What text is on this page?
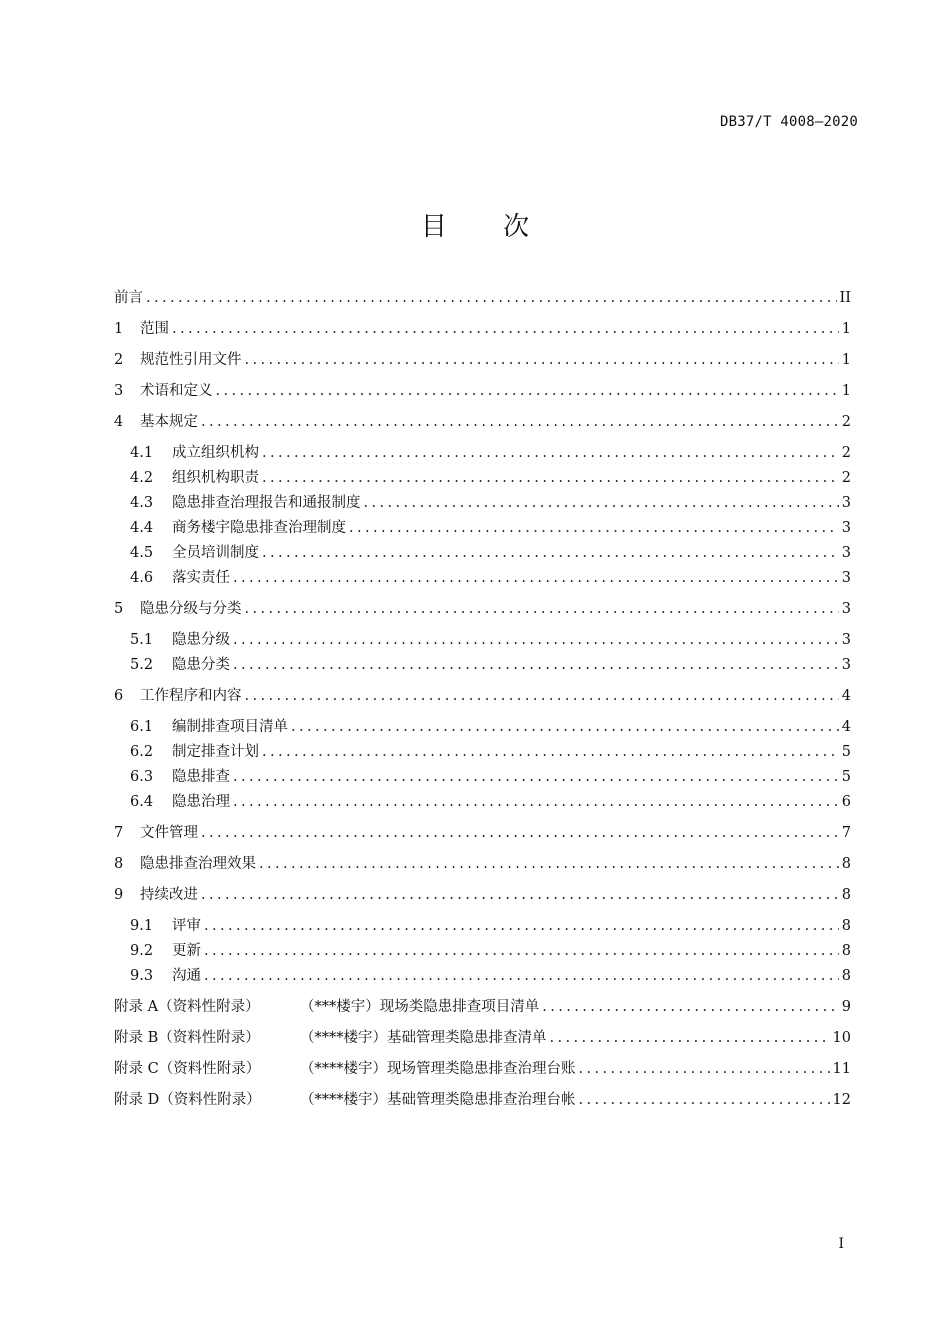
DB37/T 4008—2020
目 次
前言 .....	II
1	范围 .....	1
2	规范性引用文件 .....	1
3	术语和定义 .....	1
4	基本规定 .....	2
4.1	成立组织机构 .....	2
4.2	组织机构职责 .....	2
4.3	隐患排查治理报告和通报制度 .....	3
4.4	商务楼宇隐患排查治理制度 .....	3
4.5	全员培训制度 .....	3
4.6	落实责任 .....	3
5	隐患分级与分类 .....	3
5.1	隐患分级 .....	3
5.2	隐患分类 .....	3
6	工作程序和内容 .....	4
6.1	编制排查项目清单 .....	4
6.2	制定排查计划 .....	5
6.3	隐患排查 .....	5
6.4	隐患治理 .....	6
7	文件管理 .....	7
8	隐患排查治理效果 .....	8
9	持续改进 .....	8
9.1	评审 .....	8
9.2	更新 .....	8
9.3	沟通 .....	8
附录 A（资料性附录）	（***楼宇）现场类隐患排查项目清单 .....	9
附录 B（资料性附录）	（****楼宇）基础管理类隐患排查清单 .....	10
附录 C（资料性附录）	（****楼宇）现场管理类隐患排查治理台账 .....	11
附录 D（资料性附录）	（****楼宇）基础管理类隐患排查治理台帐 .....	12
I
